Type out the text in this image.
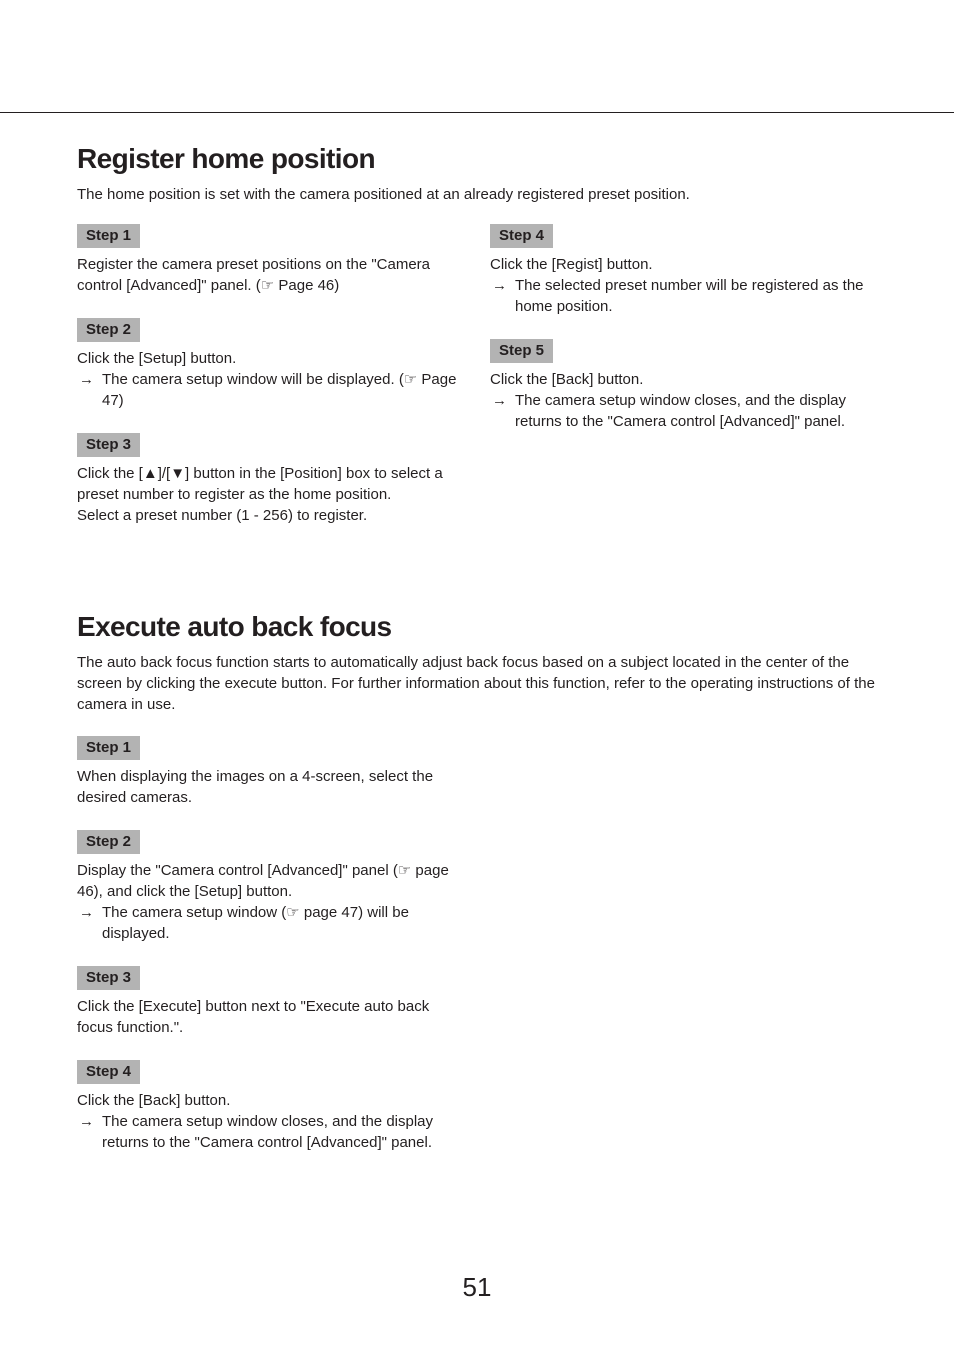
Register home position

The home position is set with the camera positioned at an already registered preset position.

Step 1
Register the camera preset positions on the "Camera control [Advanced]" panel. (☞ Page 46)
Step 2
Click the [Setup] button.
→ The camera setup window will be displayed. (☞ Page 47)
Step 3
Click the [▲]/[▼] button in the [Position] box to select a preset number to register as the home position.
Select a preset number (1 - 256) to register.
Step 4
Click the [Regist] button.
→ The selected preset number will be registered as the home position.
Step 5
Click the [Back] button.
→ The camera setup window closes, and the display returns to the "Camera control [Advanced]" panel.
Execute auto back focus

The auto back focus function starts to automatically adjust back focus based on a subject located in the center of the screen by clicking the execute button. For further information about this function, refer to the operating instructions of the camera in use.

Step 1
When displaying the images on a 4-screen, select the desired cameras.
Step 2
Display the "Camera control [Advanced]" panel (☞ page 46), and click the [Setup] button.
→ The camera setup window (☞ page 47) will be displayed.
Step 3
Click the [Execute] button next to "Execute auto back focus function.".
Step 4
Click the [Back] button.
→ The camera setup window closes, and the display returns to the "Camera control [Advanced]" panel.
51
